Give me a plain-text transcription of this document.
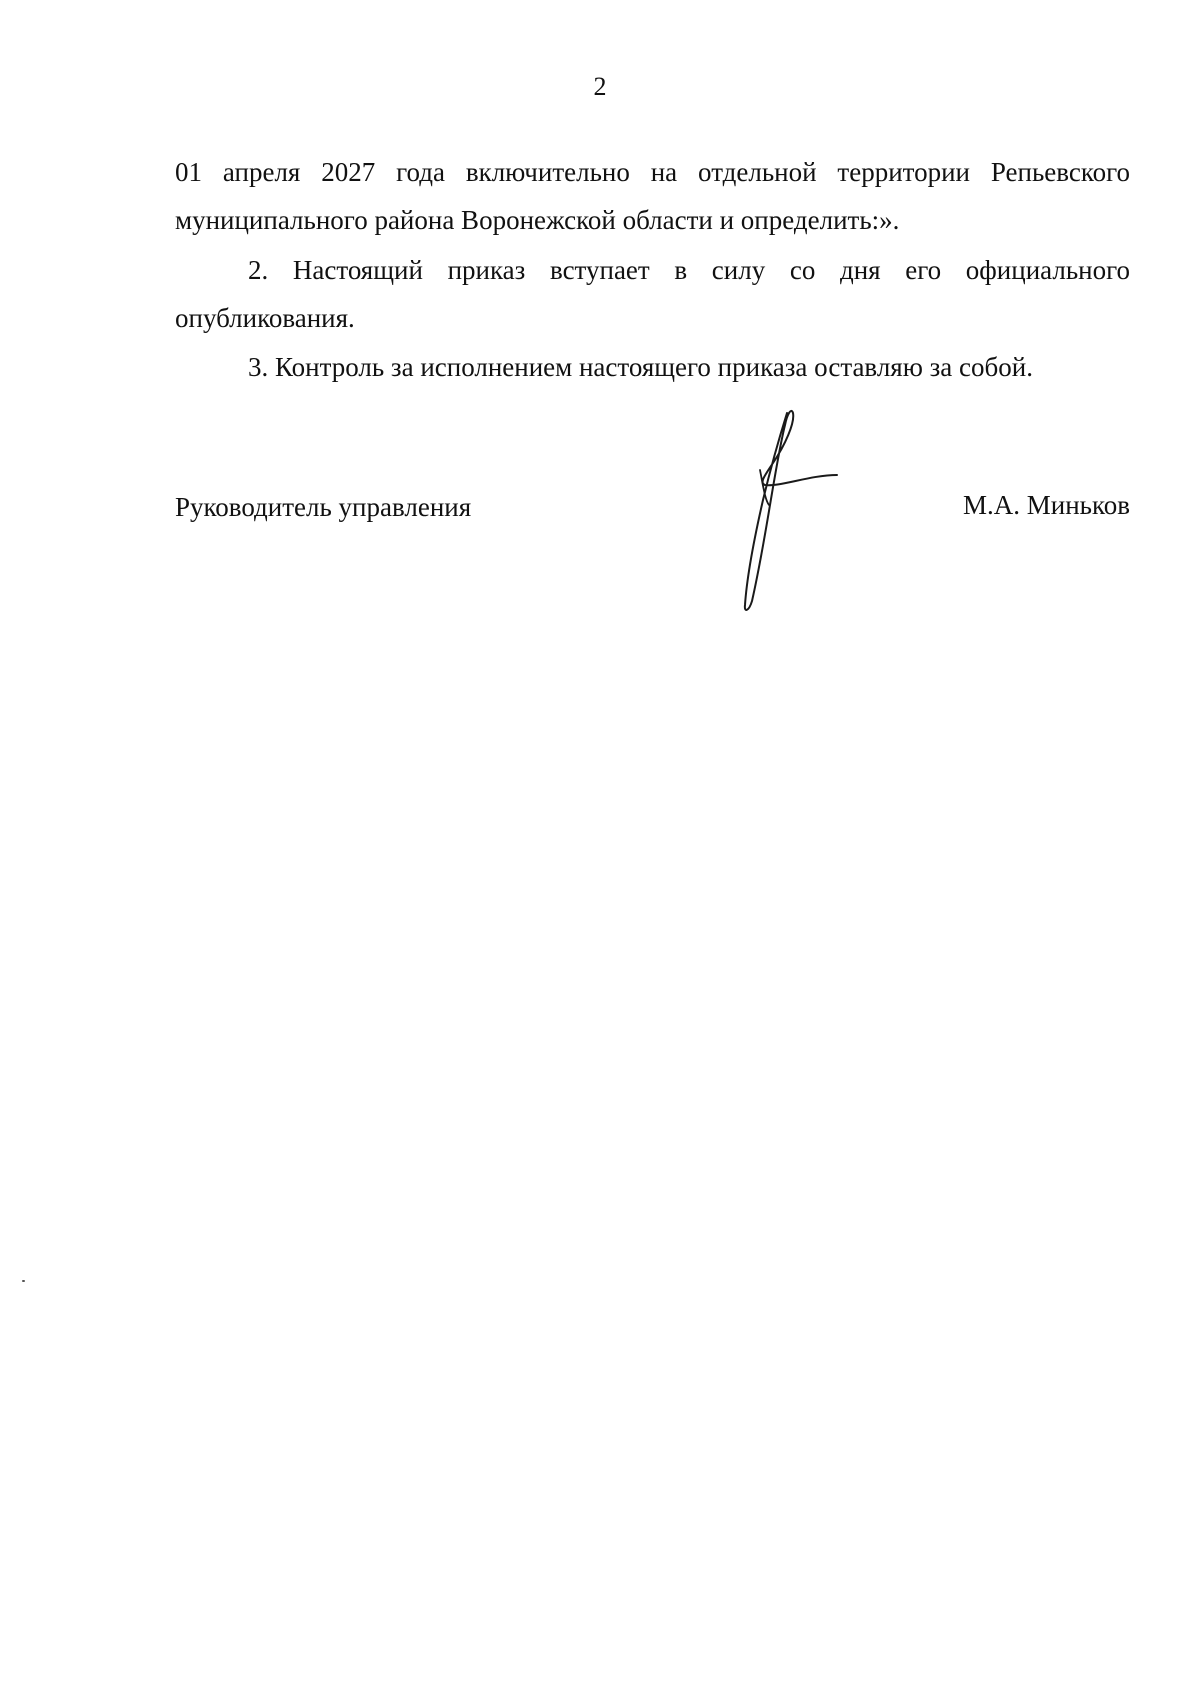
2
01 апреля 2027 года включительно на отдельной территории Репьевского муниципального района Воронежской области и определить:».
2. Настоящий приказ вступает в силу со дня его официального опубликования.
3. Контроль за исполнением настоящего приказа оставляю за собой.
Руководитель управления	М.А. Миньков
